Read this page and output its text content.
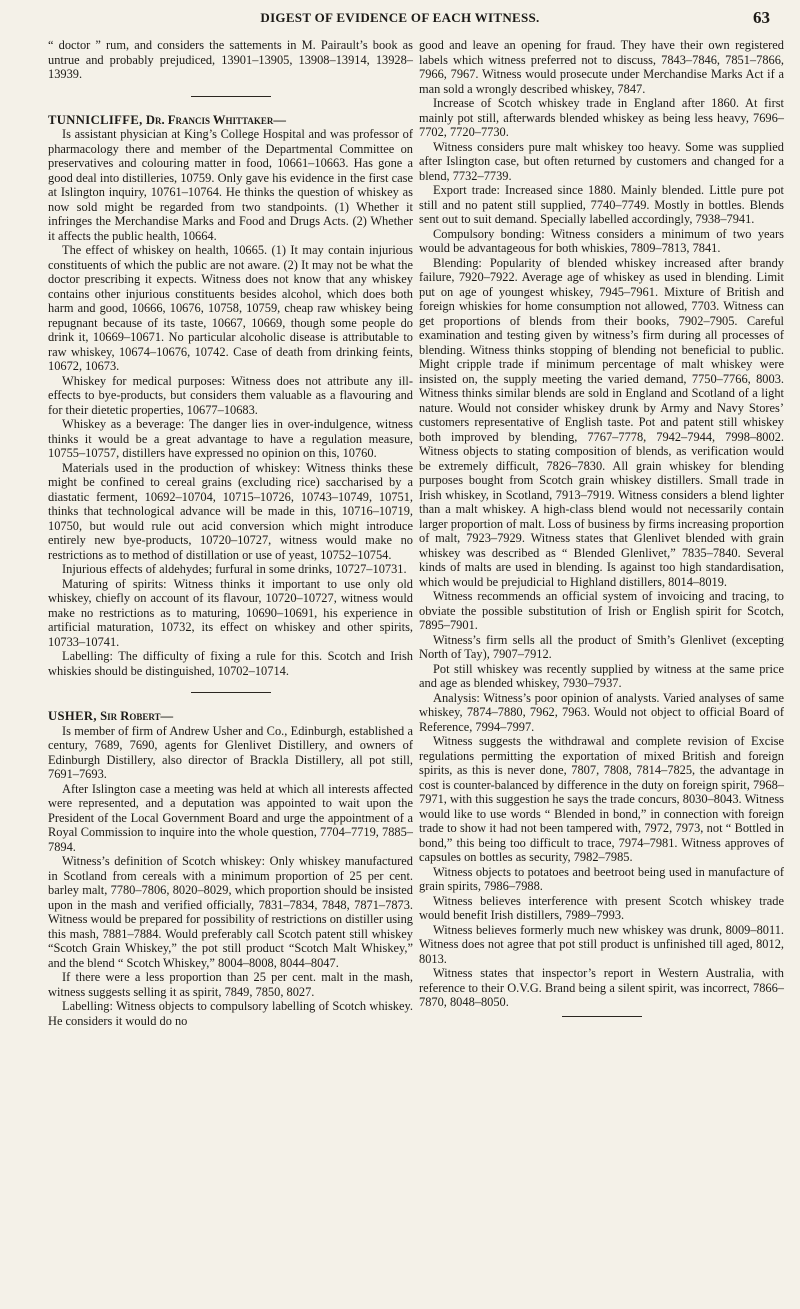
DIGEST OF EVIDENCE OF EACH WITNESS.	63

“ doctor ” rum, and considers the sattements in M. Pairault’s book as untrue and probably prejudiced, 13901–13905, 13908–13914, 13928–13939.

TUNNICLIFFE, Dr. Francis Whittaker—

Is assistant physician at King’s College Hospital and was professor of pharmacology there and member of the Departmental Committee on preservatives and colouring matter in food, 10661–10663. Has gone a good deal into distilleries, 10759. Only gave his evidence in the first case at Islington inquiry, 10761–10764. He thinks the question of whiskey as now sold might be regarded from two standpoints. (1) Whether it infringes the Merchandise Marks and Food and Drugs Acts. (2) Whether it affects the public health, 10664.

The effect of whiskey on health, 10665. (1) It may contain injurious constituents of which the public are not aware. (2) It may not be what the doctor prescribing it expects. Witness does not know that any whiskey contains other injurious constituents besides alcohol, which does both harm and good, 10666, 10676, 10758, 10759, cheap raw whiskey being repugnant because of its taste, 10667, 10669, though some people do drink it, 10669–10671. No particular alcoholic disease is attributable to raw whiskey, 10674–10676, 10742. Case of death from drinking feints, 10672, 10673.

Whiskey for medical purposes: Witness does not attribute any ill-effects to bye-products, but considers them valuable as a flavouring and for their dietetic properties, 10677–10683.

Whiskey as a beverage: The danger lies in over-indulgence, witness thinks it would be a great advantage to have a regulation measure, 10755–10757, distillers have expressed no opinion on this, 10760.

Materials used in the production of whiskey: Witness thinks these might be confined to cereal grains (excluding rice) saccharised by a diastatic ferment, 10692–10704, 10715–10726, 10743–10749, 10751, thinks that technological advance will be made in this, 10716–10719, 10750, but would rule out acid conversion which might introduce entirely new bye-products, 10720–10727, witness would make no restrictions as to method of distillation or use of yeast, 10752–10754.

Injurious effects of aldehydes; furfural in some drinks, 10727–10731.

Maturing of spirits: Witness thinks it important to use only old whiskey, chiefly on account of its flavour, 10720–10727, witness would make no restrictions as to maturing, 10690–10691, his experience in artificial maturation, 10732, its effect on whiskey and other spirits, 10733–10741.

Labelling: The difficulty of fixing a rule for this. Scotch and Irish whiskies should be distinguished, 10702–10714.

USHER, Sir Robert—

Is member of firm of Andrew Usher and Co., Edinburgh, established a century, 7689, 7690, agents for Glenlivet Distillery, and owners of Edinburgh Distillery, also director of Brackla Distillery, all pot still, 7691–7693.

After Islington case a meeting was held at which all interests affected were represented, and a deputation was appointed to wait upon the President of the Local Government Board and urge the appointment of a Royal Commission to inquire into the whole question, 7704–7719, 7885–7894.

Witness’s definition of Scotch whiskey: Only whiskey manufactured in Scotland from cereals with a minimum proportion of 25 per cent. barley malt, 7780–7806, 8020–8029, which proportion should be insisted upon in the mash and verified officially, 7831–7834, 7848, 7871–7873. Witness would be prepared for possibility of restrictions on distiller using this mash, 7881–7884. Would preferably call Scotch patent still whiskey “Scotch Grain Whiskey,” the pot still product “Scotch Malt Whiskey,” and the blend “ Scotch Whiskey,” 8004–8008, 8044–8047.

If there were a less proportion than 25 per cent. malt in the mash, witness suggests selling it as spirit, 7849, 7850, 8027.

Labelling: Witness objects to compulsory labelling of Scotch whiskey. He considers it would do no

good and leave an opening for fraud. They have their own registered labels which witness preferred not to discuss, 7843–7846, 7851–7866, 7966, 7967. Witness would prosecute under Merchandise Marks Act if a man sold a wrongly described whiskey, 7847.

Increase of Scotch whiskey trade in England after 1860. At first mainly pot still, afterwards blended whiskey as being less heavy, 7696–7702, 7720–7730.

Witness considers pure malt whiskey too heavy. Some was supplied after Islington case, but often returned by customers and changed for a blend, 7732–7739.

Export trade: Increased since 1880. Mainly blended. Little pure pot still and no patent still supplied, 7740–7749. Mostly in bottles. Blends sent out to suit demand. Specially labelled accordingly, 7938–7941.

Compulsory bonding: Witness considers a minimum of two years would be advantageous for both whiskies, 7809–7813, 7841.

Blending: Popularity of blended whiskey increased after brandy failure, 7920–7922. Average age of whiskey as used in blending. Limit put on age of youngest whiskey, 7945–7961. Mixture of British and foreign whiskies for home consumption not allowed, 7703. Witness can get proportions of blends from their books, 7902–7905. Careful examination and testing given by witness’s firm during all processes of blending. Witness thinks stopping of blending not beneficial to public. Might cripple trade if minimum percentage of malt whiskey were insisted on, the supply meeting the varied demand, 7750–7766, 8003. Witness thinks similar blends are sold in England and Scotland of a light nature. Would not consider whiskey drunk by Army and Navy Stores’ customers representative of English taste. Pot and patent still whiskey both improved by blending, 7767–7778, 7942–7944, 7998–8002. Witness objects to stating composition of blends, as verification would be extremely difficult, 7826–7830. All grain whiskey for blending purposes bought from Scotch grain whiskey distillers. Small trade in Irish whiskey, in Scotland, 7913–7919. Witness considers a blend lighter than a malt whiskey. A high-class blend would not necessarily contain larger proportion of malt. Loss of business by firms increasing proportion of malt, 7923–7929. Witness states that Glenlivet blended with grain whiskey was described as “ Blended Glenlivet,” 7835–7840. Several kinds of malts are used in blending. Is against too high standardisation, which would be prejudicial to Highland distillers, 8014–8019.

Witness recommends an official system of invoicing and tracing, to obviate the possible substitution of Irish or English spirit for Scotch, 7895–7901.

Witness’s firm sells all the product of Smith’s Glenlivet (excepting North of Tay), 7907–7912.

Pot still whiskey was recently supplied by witness at the same price and age as blended whiskey, 7930–7937.

Analysis: Witness’s poor opinion of analysts. Varied analyses of same whiskey, 7874–7880, 7962, 7963. Would not object to official Board of Reference, 7994–7997.

Witness suggests the withdrawal and complete revision of Excise regulations permitting the exportation of mixed British and foreign spirits, as this is never done, 7807, 7808, 7814–7825, the advantage in cost is counter-balanced by difference in the duty on foreign spirit, 7968–7971, with this suggestion he says the trade concurs, 8030–8043. Witness would like to use words “ Blended in bond,” in connection with foreign trade to show it had not been tampered with, 7972, 7973, not “ Bottled in bond,” this being too difficult to trace, 7974–7981. Witness approves of capsules on bottles as security, 7982–7985.

Witness objects to potatoes and beetroot being used in manufacture of grain spirits, 7986–7988.

Witness believes interference with present Scotch whiskey trade would benefit Irish distillers, 7989–7993.

Witness believes formerly much new whiskey was drunk, 8009–8011. Witness does not agree that pot still product is unfinished till aged, 8012, 8013.

Witness states that inspector’s report in Western Australia, with reference to their O.V.G. Brand being a silent spirit, was incorrect, 7866–7870, 8048–8050.
